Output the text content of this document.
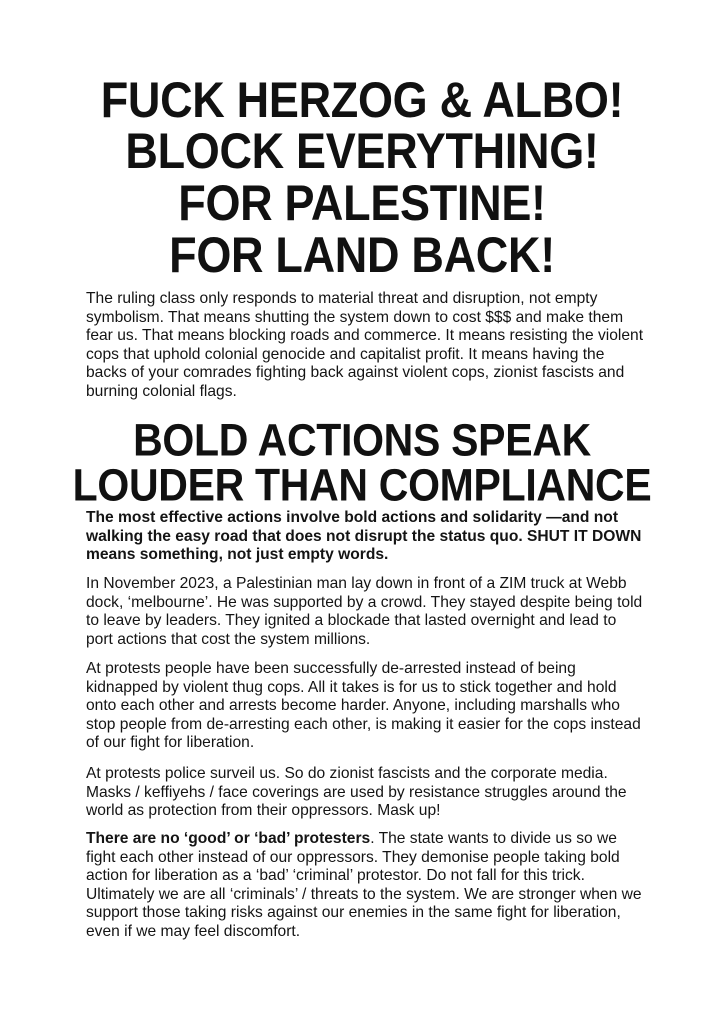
FUCK HERZOG & ALBO!
BLOCK EVERYTHING!
FOR PALESTINE!
FOR LAND BACK!

The ruling class only responds to material threat and disruption, not empty symbolism. That means shutting the system down to cost $$$ and make them fear us. That means blocking roads and commerce. It means resisting the violent cops that uphold colonial genocide and capitalist profit. It means having the backs of your comrades fighting back against violent cops, zionist fascists and burning colonial flags.

BOLD ACTIONS SPEAK
LOUDER THAN COMPLIANCE

The most effective actions involve bold actions and solidarity —and not walking the easy road that does not disrupt the status quo. SHUT IT DOWN means something, not just empty words.

In November 2023, a Palestinian man lay down in front of a ZIM truck at Webb dock, ‘melbourne’. He was supported by a crowd. They stayed despite being told to leave by leaders. They ignited a blockade that lasted overnight and lead to port actions that cost the system millions.

At protests people have been successfully de-arrested instead of being kidnapped by violent thug cops. All it takes is for us to stick together and hold onto each other and arrests become harder. Anyone, including marshalls who stop people from de-arresting each other, is making it easier for the cops instead of our fight for liberation.

At protests police surveil us. So do zionist fascists and the corporate media. Masks / keffiyehs / face coverings are used by resistance struggles around the world as protection from their oppressors. Mask up!

There are no ‘good’ or ‘bad’ protesters. The state wants to divide us so we fight each other instead of our oppressors. They demonise people taking bold action for liberation as a ‘bad’ ‘criminal’ protestor. Do not fall for this trick. Ultimately we are all ‘criminals’ / threats to the system. We are stronger when we support those taking risks against our enemies in the same fight for liberation, even if we may feel discomfort.
